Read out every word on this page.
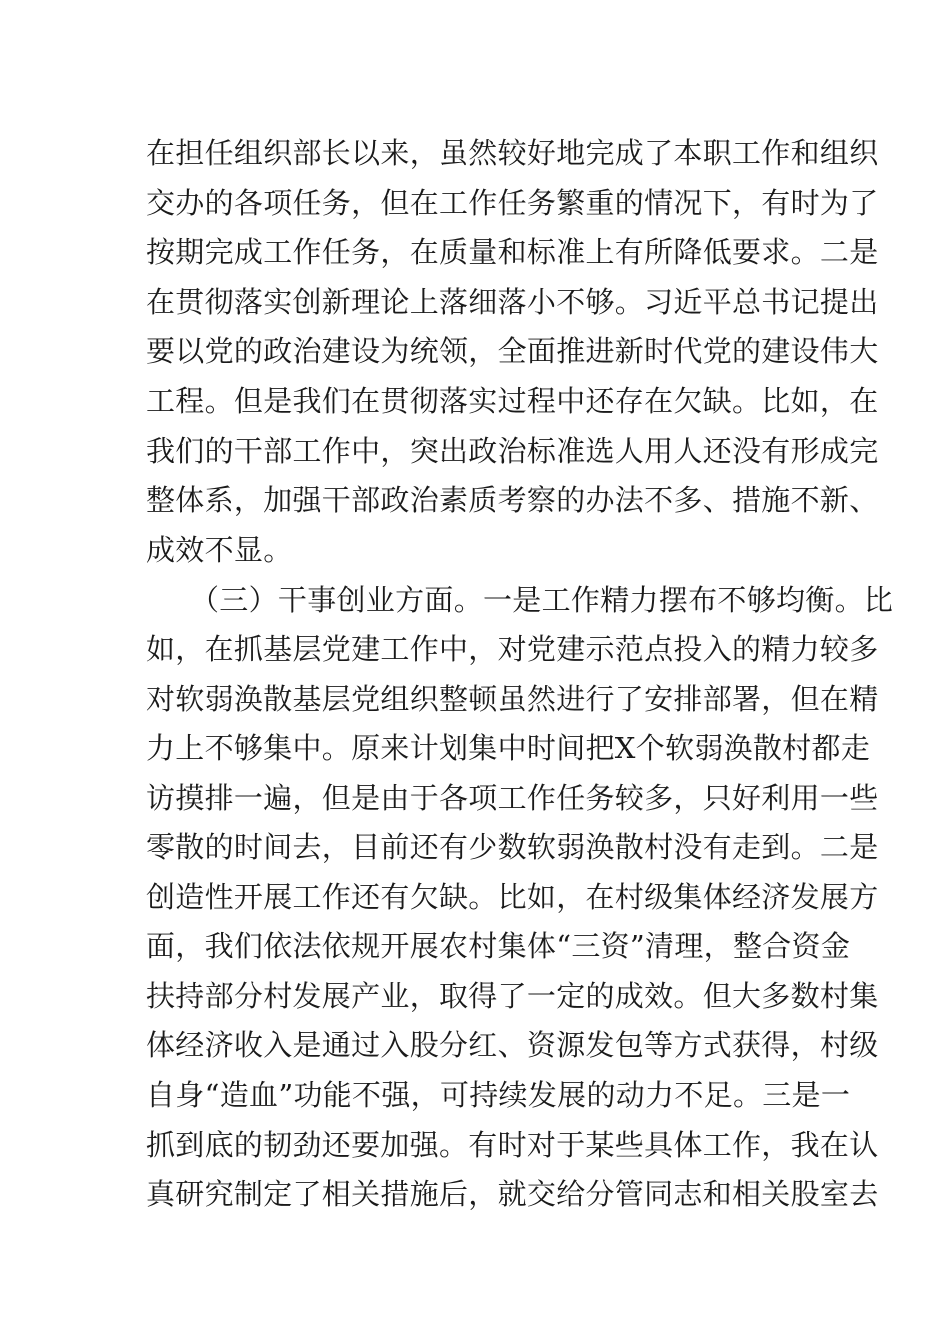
在担任组织部长以来，虽然较好地完成了本职工作和组织
交办的各项任务，但在工作任务繁重的情况下，有时为了
按期完成工作任务，在质量和标准上有所降低要求。二是
在贯彻落实创新理论上落细落小不够。习近平总书记提出
要以党的政治建设为统领，全面推进新时代党的建设伟大
工程。但是我们在贯彻落实过程中还存在欠缺。比如，在
我们的干部工作中，突出政治标准选人用人还没有形成完
整体系，加强干部政治素质考察的办法不多、措施不新、
成效不显。
（三）干事创业方面。一是工作精力摆布不够均衡。比
如，在抓基层党建工作中，对党建示范点投入的精力较多
对软弱涣散基层党组织整顿虽然进行了安排部署，但在精
力上不够集中。原来计划集中时间把X个软弱涣散村都走
访摸排一遍，但是由于各项工作任务较多，只好利用一些
零散的时间去，目前还有少数软弱涣散村没有走到。二是
创造性开展工作还有欠缺。比如，在村级集体经济发展方
面，我们依法依规开展农村集体“三资”清理，整合资金
扶持部分村发展产业，取得了一定的成效。但大多数村集
体经济收入是通过入股分红、资源发包等方式获得，村级
自身“造血”功能不强，可持续发展的动力不足。三是一
抓到底的韧劲还要加强。有时对于某些具体工作，我在认
真研究制定了相关措施后，就交给分管同志和相关股室去
